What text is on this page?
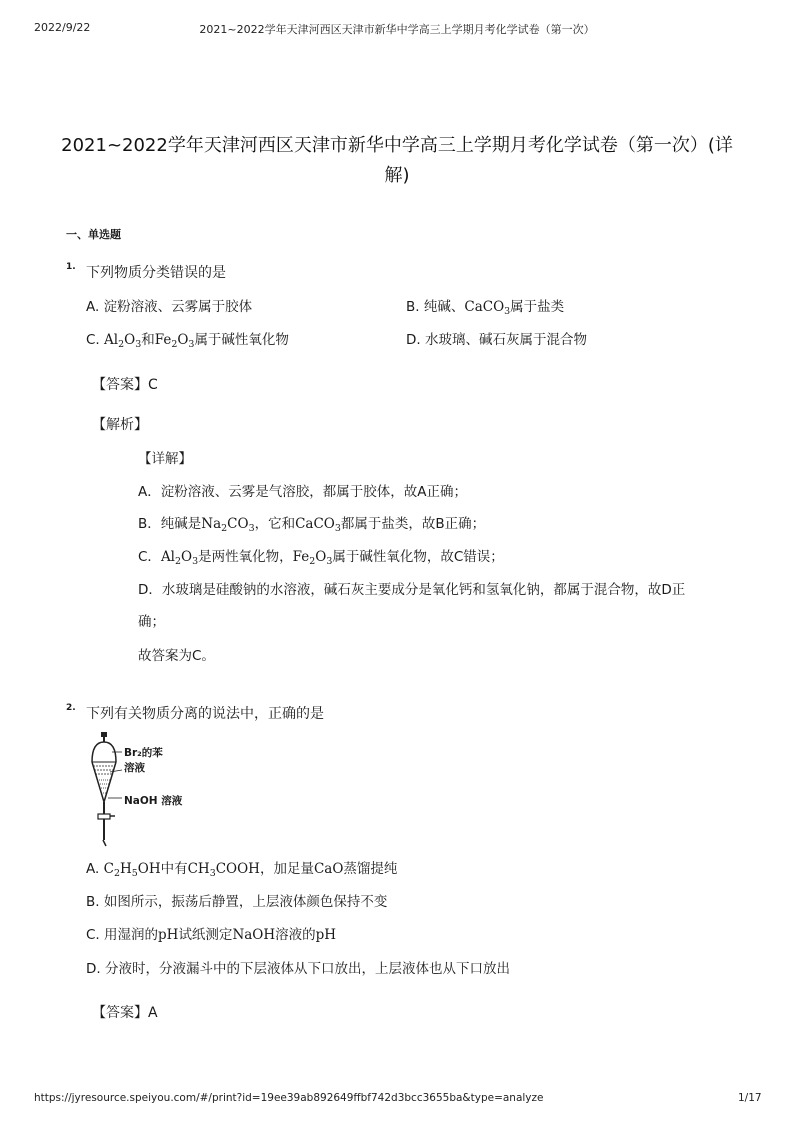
2022/9/22	2021~2022学年天津河西区天津市新华中学高三上学期月考化学试卷（第一次）
2021~2022学年天津河西区天津市新华中学高三上学期月考化学试卷（第一次）(详
解)
一、单选题
1. 下列物质分类错误的是
A. 淀粉溶液、云雾属于胶体	B. 纯碱、CaCO$_3$属于盐类
C. $Al_2O_3$和$Fe_2O_3$属于碱性氧化物	D. 水玻璃、碱石灰属于混合物
【答案】C
【解析】
【详解】
A．淀粉溶液、云雾是气溶胶，都属于胶体，故A正确；
B．纯碱是$Na_2CO_3$，它和CaCO$_3$都属于盐类，故B正确；
C．$Al_2O_3$是两性氧化物，$Fe_2O_3$属于碱性氧化物，故C错误；
D．水玻璃是硅酸钠的水溶液，碱石灰主要成分是氧化钙和氢氧化钠，都属于混合物，故D正
确；
故答案为C。
2. 下列有关物质分离的说法中，正确的是
Br₂的苯
溶液
NaOH 溶液
A. $C_2H_5OH$中有$CH_3COOH$，加足量CaO蒸馏提纯
B. 如图所示，振荡后静置，上层液体颜色保持不变
C. 用湿润的pH试纸测定NaOH溶液的pH
D. 分液时，分液漏斗中的下层液体从下口放出，上层液体也从下口放出
【答案】A
https://jyresource.speiyou.com/#/print?id=19ee39ab892649ffbf742d3bcc3655ba&type=analyze	1/17
